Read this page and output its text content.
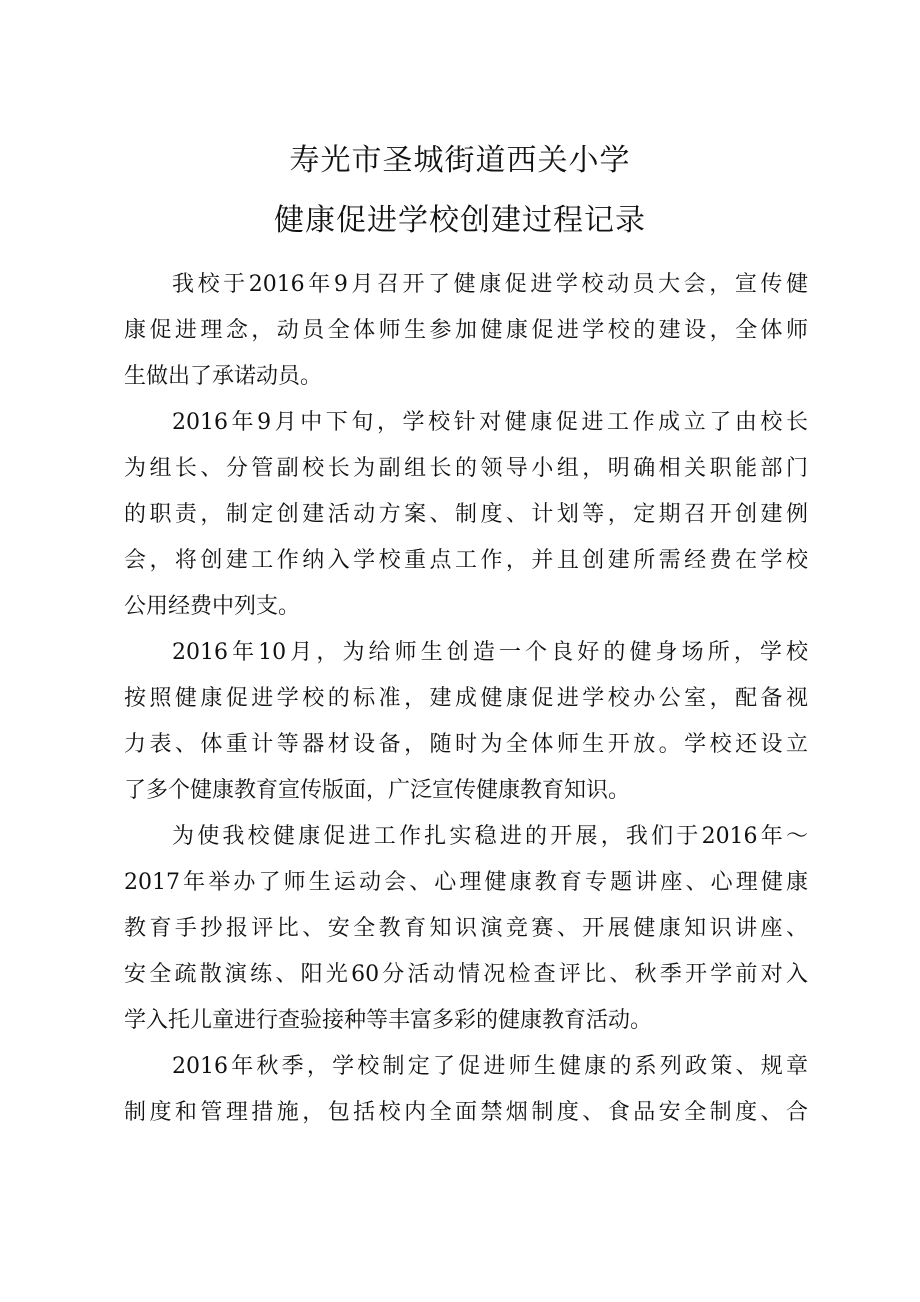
寿光市圣城街道西关小学
健康促进学校创建过程记录
我校于2016年9月召开了健康促进学校动员大会，宣传健
康促进理念，动员全体师生参加健康促进学校的建设，全体师
生做出了承诺动员。
2016年9月中下旬，学校针对健康促进工作成立了由校长
为组长、分管副校长为副组长的领导小组，明确相关职能部门
的职责，制定创建活动方案、制度、计划等，定期召开创建例
会，将创建工作纳入学校重点工作，并且创建所需经费在学校
公用经费中列支。
2016年10月，为给师生创造一个良好的健身场所，学校
按照健康促进学校的标准，建成健康促进学校办公室，配备视
力表、体重计等器材设备，随时为全体师生开放。学校还设立
了多个健康教育宣传版面，广泛宣传健康教育知识。
为使我校健康促进工作扎实稳进的开展，我们于2016年～
2017年举办了师生运动会、心理健康教育专题讲座、心理健康
教育手抄报评比、安全教育知识演竞赛、开展健康知识讲座、
安全疏散演练、阳光60分活动情况检查评比、秋季开学前对入
学入托儿童进行查验接种等丰富多彩的健康教育活动。
2016年秋季，学校制定了促进师生健康的系列政策、规章
制度和管理措施，包括校内全面禁烟制度、食品安全制度、合
